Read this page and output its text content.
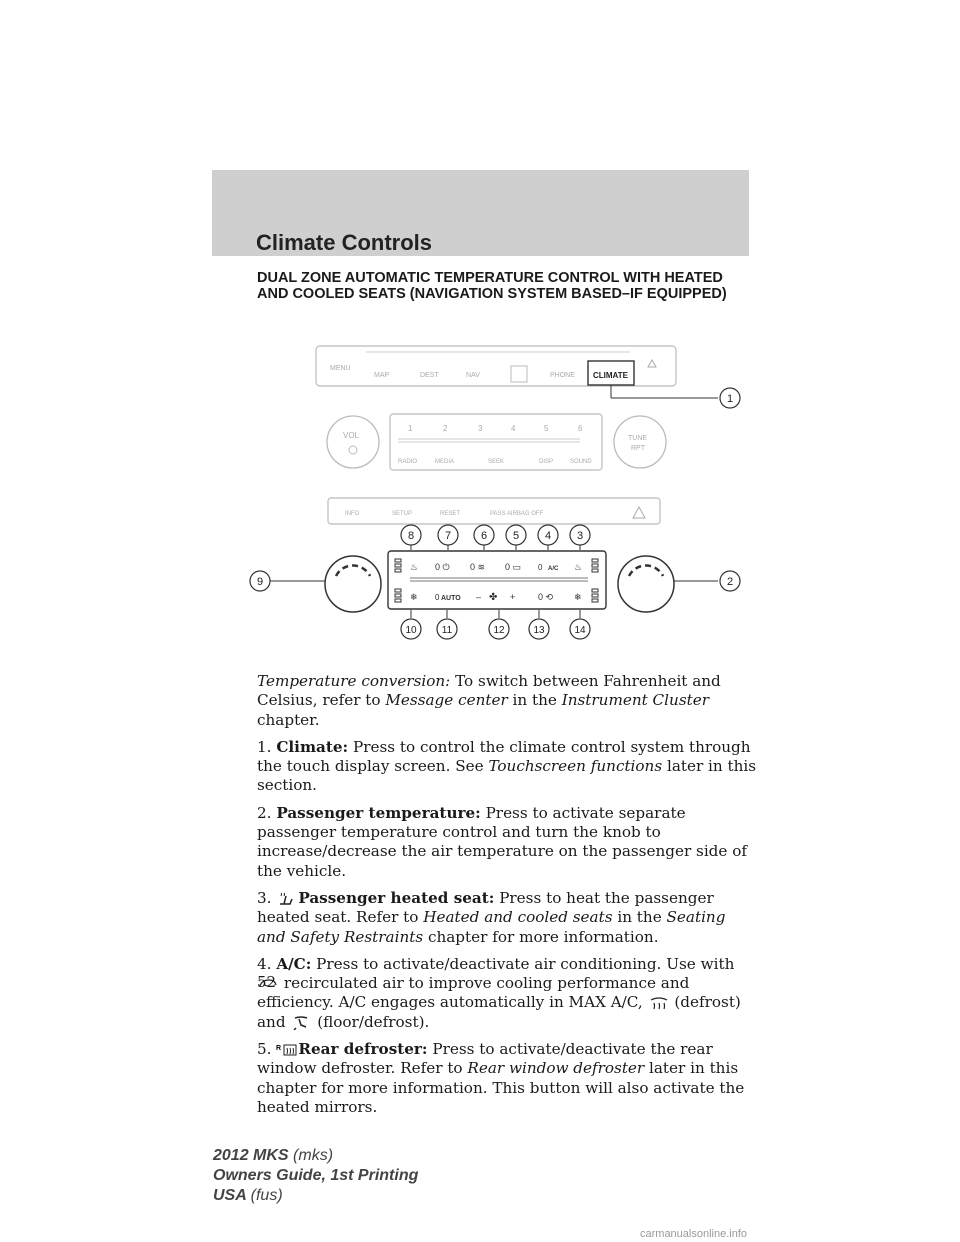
Climate Controls
DUAL ZONE AUTOMATIC TEMPERATURE CONTROL WITH HEATED AND COOLED SEATS (NAVIGATION SYSTEM BASED–IF EQUIPPED)
MENU
MAP	DEST	NAV	PHONE CLIMATE
VOL
1	2	3	4	5	6
RADIO	MEDIA	SEEK	DISP	SOUND
TUNE
RPT
INFO	SETUP	RESET	PASS AIRBAG OFF
♨ 0 ⏻ 0 ≋ 0 ▭ 0 A/C ♨
❄ 0 AUTO – ✤ +	0 ⟲ ❄
1
2
3
4
5
6
7
8
9
10	11	12	13	14

Temperature conversion: To switch between Fahrenheit and Celsius, refer to Message center in the Instrument Cluster chapter.

1. Climate: Press to control the climate control system through the touch display screen. See Touchscreen functions later in this section.

2. Passenger temperature: Press to activate separate passenger temperature control and turn the knob to increase/decrease the air temperature on the passenger side of the vehicle.

3. Passenger heated seat: Press to heat the passenger heated seat. Refer to Heated and cooled seats in the Seating and Safety Restraints chapter for more information.

4. A/C: Press to activate/deactivate air conditioning. Use with  recirculated air to improve cooling performance and efficiency. A/C engages automatically in MAX A/C,  (defrost) and  (floor/defrost).

5. R Rear defroster: Press to activate/deactivate the rear window defroster. Refer to Rear window defroster later in this chapter for more information. This button will also activate the heated mirrors.

52
2012 MKS (mks)
Owners Guide, 1st Printing
USA (fus)
carmanualsonline.info
